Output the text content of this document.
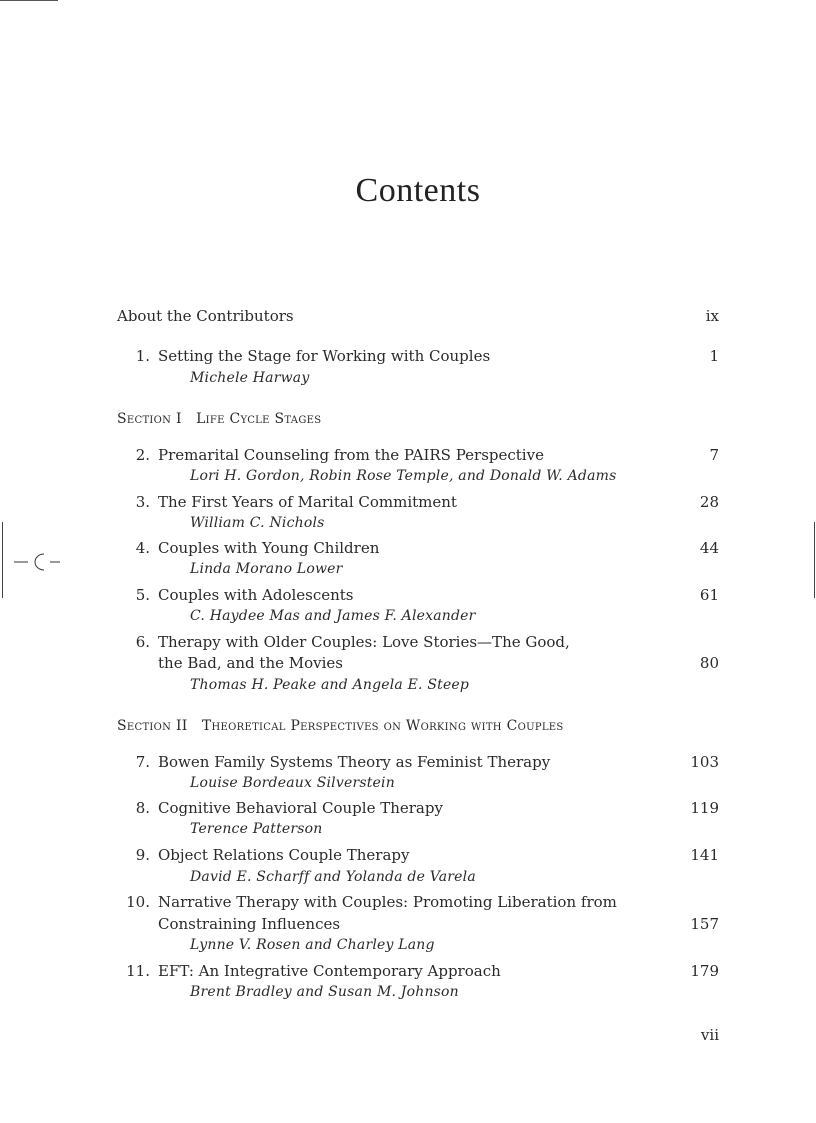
Contents
About the Contributors	ix
1. Setting the Stage for Working with Couples	1
Michele Harway
Section I Life Cycle Stages
2. Premarital Counseling from the PAIRS Perspective	7
Lori H. Gordon, Robin Rose Temple, and Donald W. Adams
3. The First Years of Marital Commitment	28
William C. Nichols
4. Couples with Young Children	44
Linda Morano Lower
5. Couples with Adolescents	61
C. Haydee Mas and James F. Alexander
6. Therapy with Older Couples: Love Stories—The Good,
the Bad, and the Movies	80
Thomas H. Peake and Angela E. Steep
Section II Theoretical Perspectives on Working with Couples
7. Bowen Family Systems Theory as Feminist Therapy	103
Louise Bordeaux Silverstein
8. Cognitive Behavioral Couple Therapy	119
Terence Patterson
9. Object Relations Couple Therapy	141
David E. Scharff and Yolanda de Varela
10. Narrative Therapy with Couples: Promoting Liberation from
Constraining Influences	157
Lynne V. Rosen and Charley Lang
11. EFT: An Integrative Contemporary Approach	179
Brent Bradley and Susan M. Johnson
vii
